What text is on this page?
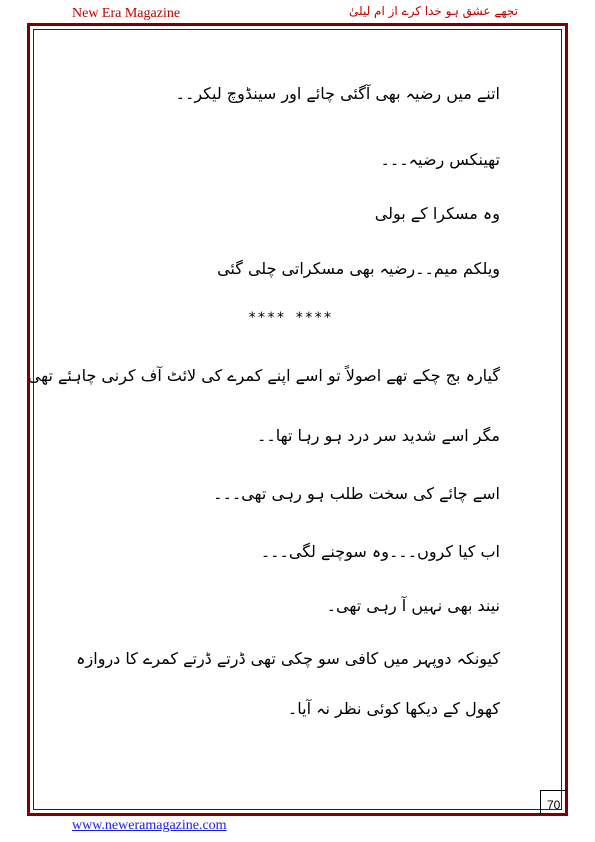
New Era Magazine	تجھے عشق ہو خدا کرے از ام لیلیٰ
اتنے میں رضیہ بھی آگئی چائے اور سینڈوچ لیکر۔۔
تھینکس رضیہ۔۔۔
وہ مسکرا کے بولی
ویلکم میم۔۔رضیہ بھی مسکراتی چلی گئی
گیارہ بج چکے تھے اصولاً تو اسے اپنے کمرے کی لائٹ آف کرنی چاہئے تھی
مگر اسے شدید سر درد ہو رہا تھا۔۔
اسے چائے کی سخت طلب ہو رہی تھی۔۔۔
اب کیا کروں۔۔۔وہ سوچنے لگی۔۔۔
نیند بھی نہیں آ رہی تھی۔
کیونکہ دوپہر میں کافی سو چکی تھی ڈرتے ڈرتے کمرے کا دروازہ کھول کے دیکھا کوئی نظر نہ آیا۔
**** ****
70
www.neweramagazine.com
